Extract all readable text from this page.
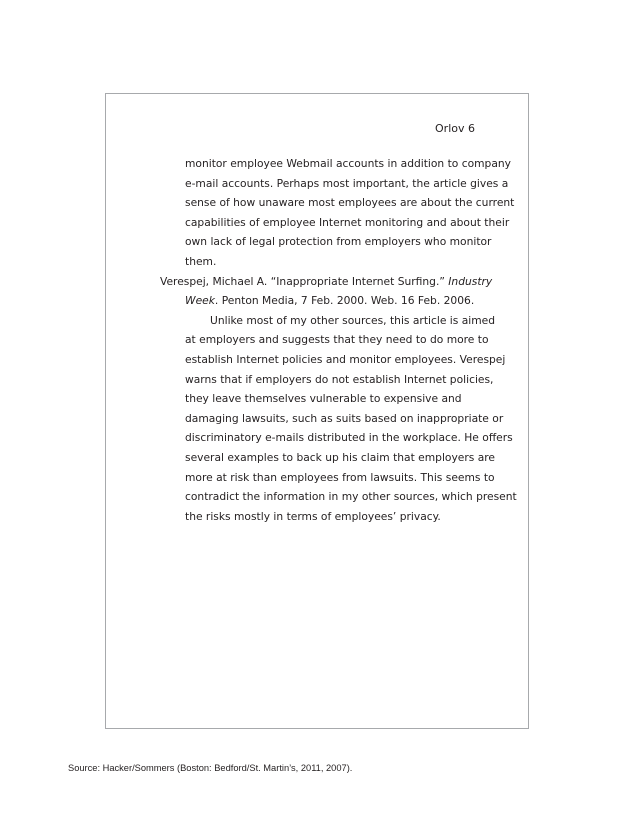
Orlov 6
monitor employee Webmail accounts in addition to company
e-mail accounts. Perhaps most important, the article gives a
sense of how unaware most employees are about the current
capabilities of employee Internet monitoring and about their
own lack of legal protection from employers who monitor
them.
Verespej, Michael A. “Inappropriate Internet Surfing.” Industry
Week. Penton Media, 7 Feb. 2000. Web. 16 Feb. 2006.
Unlike most of my other sources, this article is aimed
at employers and suggests that they need to do more to
establish Internet policies and monitor employees. Verespej
warns that if employers do not establish Internet policies,
they leave themselves vulnerable to expensive and
damaging lawsuits, such as suits based on inappropriate or
discriminatory e-mails distributed in the workplace. He offers
several examples to back up his claim that employers are
more at risk than employees from lawsuits. This seems to
contradict the information in my other sources, which present
the risks mostly in terms of employees’ privacy.
Source: Hacker/Sommers (Boston: Bedford/St. Martin’s, 2011, 2007).
